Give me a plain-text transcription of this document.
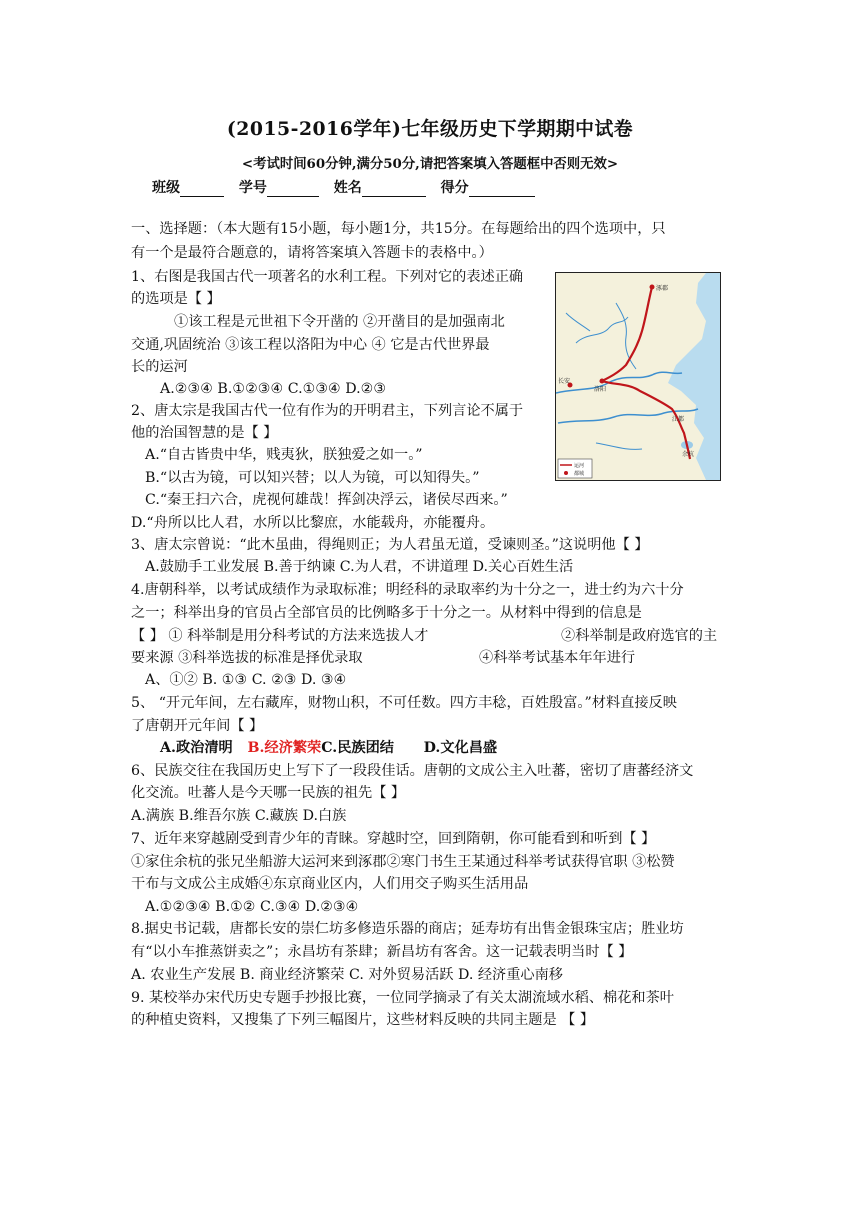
(2015-2016学年)七年级历史下学期期中试卷
<考试时间60分钟,满分50分,请把答案填入答题框中否则无效>
班级	学号	姓名	得分
一、选择题：（本大题有15小题，每小题1分，共15分。在每题给出的四个选项中，只
有一个是最符合题意的，请将答案填入答题卡的表格中。）
1、右图是我国古代一项著名的水利工程。下列对它的表述正确
的选项是【 】
①该工程是元世祖下令开凿的 ②开凿目的是加强南北
交通,巩固统治 ③该工程以洛阳为中心 ④ 它是古代世界最
长的运河
A.②③④ B.①②③④ C.①③④ D.②③
涿郡
长安
洛阳
江都
余杭
运河
都城
2、唐太宗是我国古代一位有作为的开明君主，下列言论不属于
他的治国智慧的是【 】
A.“自古皆贵中华，贱夷狄，朕独爱之如一。”
B.“以古为镜，可以知兴替；以人为镜，可以知得失。”
C.“秦王扫六合，虎视何雄哉！挥剑决浮云，诸侯尽西来。”
D.“舟所以比人君，水所以比黎庶，水能载舟，亦能覆舟。
3、唐太宗曾说：“此木虽曲，得绳则正；为人君虽无道，受谏则圣。”这说明他【 】
A.鼓励手工业发展 B.善于纳谏 C.为人君，不讲道理 D.关心百姓生活
4.唐朝科举，以考试成绩作为录取标准；明经科的录取率约为十分之一，进士约为六十分
之一；科举出身的官员占全部官员的比例略多于十分之一。从材料中得到的信息是
【 】 ① 科举制是用分科考试的方法来选拔人才	②科举制是政府选官的主
要来源 ③科举选拔的标准是择优录取	④科举考试基本年年进行
A、①② B. ①③ C. ②③ D. ③④
5、 “开元年间，左右藏库，财物山积，不可任数。四方丰稔，百姓殷富。”材料直接反映
了唐朝开元年间【 】
A.政治清明 B.经济繁荣C.民族团结 D.文化昌盛
6、民族交往在我国历史上写下了一段段佳话。唐朝的文成公主入吐蕃，密切了唐蕃经济文
化交流。吐蕃人是今天哪一民族的祖先【 】
A.满族 B.维吾尔族 C.藏族 D.白族
7、近年来穿越剧受到青少年的青睐。穿越时空，回到隋朝，你可能看到和听到【 】
①家住余杭的张兄坐船游大运河来到涿郡②寒门书生王某通过科举考试获得官职 ③松赞
干布与文成公主成婚④东京商业区内，人们用交子购买生活用品
A.①②③④ B.①② C.③④ D.②③④
8.据史书记载，唐都长安的崇仁坊多修造乐器的商店；延寿坊有出售金银珠宝店；胜业坊
有“以小车推蒸饼卖之”；永昌坊有茶肆；新昌坊有客舍。这一记载表明当时【 】
A. 农业生产发展 B. 商业经济繁荣 C. 对外贸易活跃 D. 经济重心南移
9. 某校举办宋代历史专题手抄报比赛，一位同学摘录了有关太湖流域水稻、棉花和茶叶
的种植史资料，又搜集了下列三幅图片，这些材料反映的共同主题是 【 】
